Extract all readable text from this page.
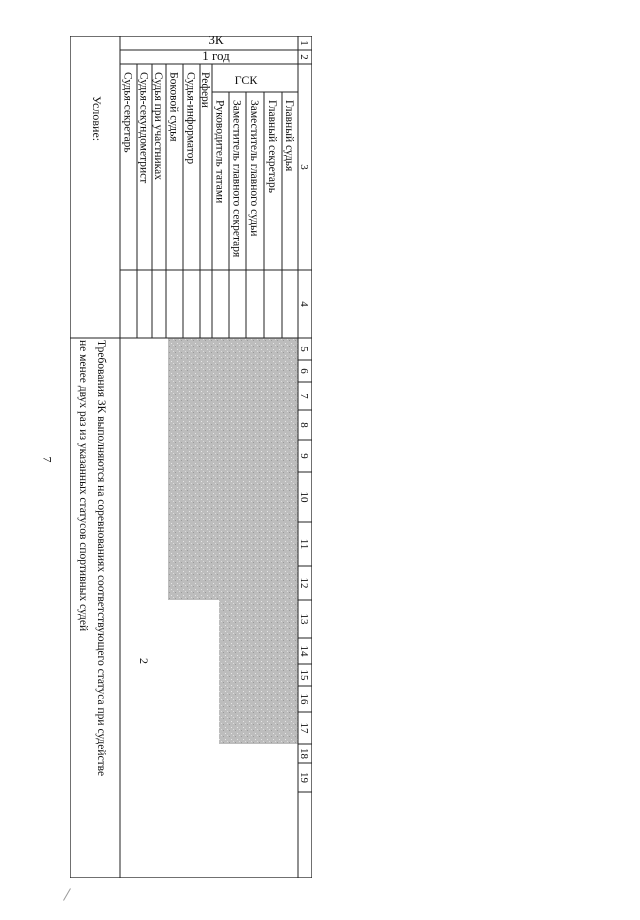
7
1
2
3
4
5
6
7
8
9
10
11
12
13
14
15
16
17
18
19
1 год
3К
ГСК
Главный судья
Главный секретарь
Заместитель главного судьи
Заместитель главного секретаря
Руководитель татами
Рефери
Судья-информатор
Боковой судья
Судья при участниках
Судья-секундометрист
Судья-секретарь
2
Условие:
Требования ЗК выполняются на соревнованиях соответствующего статуса при судействе
не менее двух раз из указанных статусов спортивных судей
